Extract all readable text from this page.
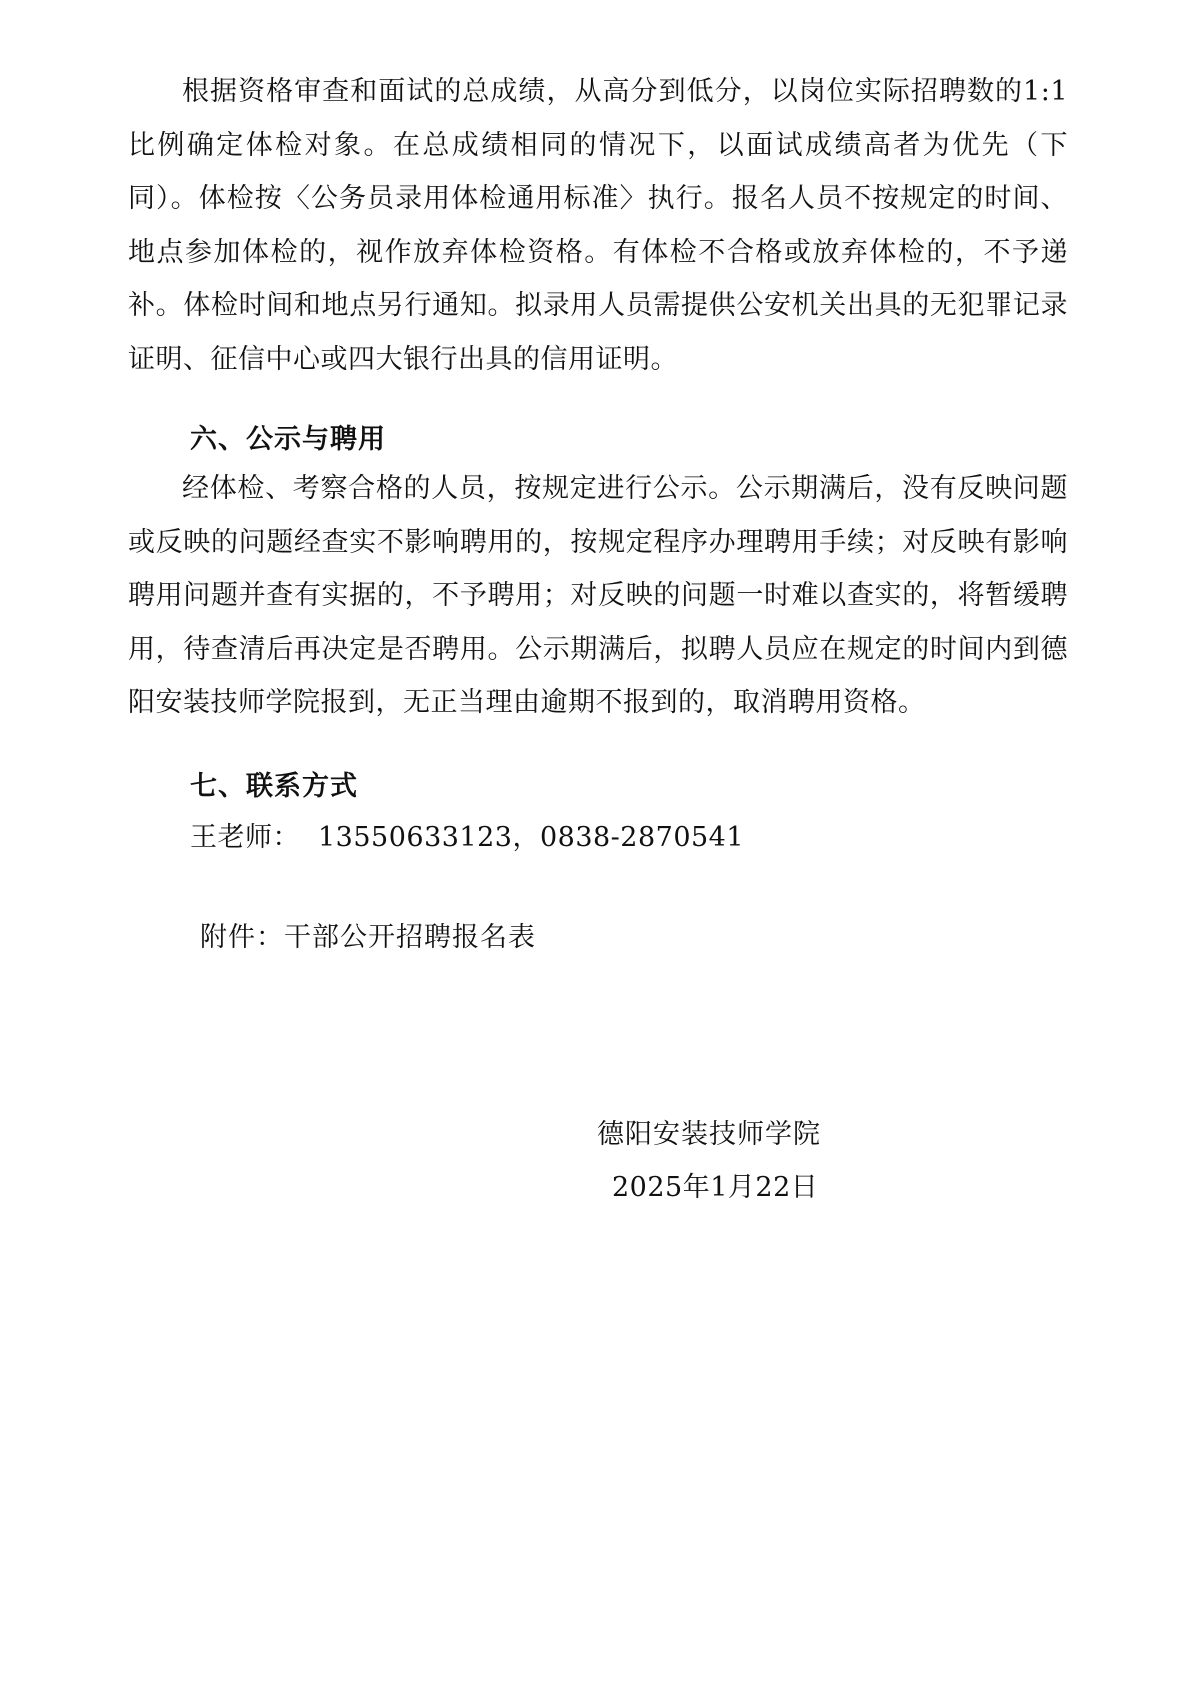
根据资格审查和面试的总成绩，从高分到低分，以岗位实际招聘数的1:1比例确定体检对象。在总成绩相同的情况下，以面试成绩高者为优先（下同）。体检按〈公务员录用体检通用标准〉执行。报名人员不按规定的时间、地点参加体检的，视作放弃体检资格。有体检不合格或放弃体检的，不予递补。体检时间和地点另行通知。拟录用人员需提供公安机关出具的无犯罪记录证明、征信中心或四大银行出具的信用证明。

六、公示与聘用

经体检、考察合格的人员，按规定进行公示。公示期满后，没有反映问题或反映的问题经查实不影响聘用的，按规定程序办理聘用手续；对反映有影响聘用问题并查有实据的，不予聘用；对反映的问题一时难以查实的，将暂缓聘用，待查清后再决定是否聘用。公示期满后，拟聘人员应在规定的时间内到德阳安装技师学院报到，无正当理由逾期不报到的，取消聘用资格。

七、联系方式

王老师： 13550633123，0838-2870541

附件：干部公开招聘报名表

德阳安装技师学院

2025年1月22日
